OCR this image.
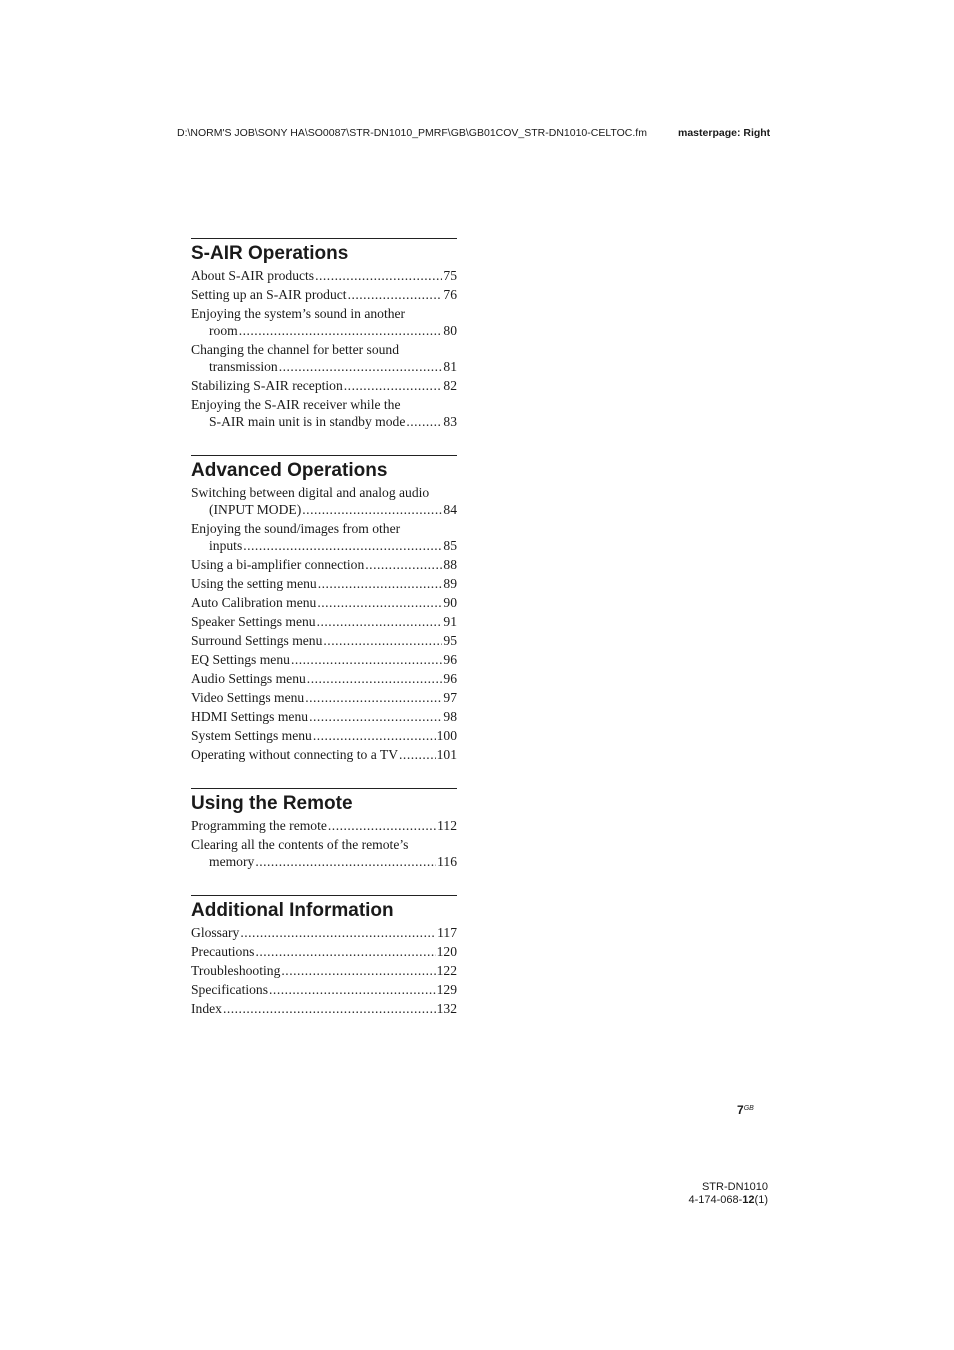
D:\NORM'S JOB\SONY HA\SO0087\STR-DN1010_PMRF\GB\GB01COV_STR-DN1010-CELTOC.fm	masterpage: Right
S-AIR Operations
About S-AIR products .....	75
Setting up an S-AIR product .....	76
Enjoying the system’s sound in another
room .....	80
Changing the channel for better sound
transmission .....	81
Stabilizing S-AIR reception .....	82
Enjoying the S-AIR receiver while the
S-AIR main unit is in standby mode .....	83
Advanced Operations
Switching between digital and analog audio
(INPUT MODE) .....	84
Enjoying the sound/images from other
inputs .....	85
Using a bi-amplifier connection .....	88
Using the setting menu .....	89
Auto Calibration menu .....	90
Speaker Settings menu .....	91
Surround Settings menu .....	95
EQ Settings menu .....	96
Audio Settings menu .....	96
Video Settings menu .....	97
HDMI Settings menu .....	98
System Settings menu .....	100
Operating without connecting to a TV .....	101
Using the Remote
Programming the remote .....	112
Clearing all the contents of the remote’s
memory .....	116
Additional Information
Glossary .....	117
Precautions .....	120
Troubleshooting .....	122
Specifications .....	129
Index .....	132
$7^{GB}$
STR-DN1010
4-174-068-12(1)
